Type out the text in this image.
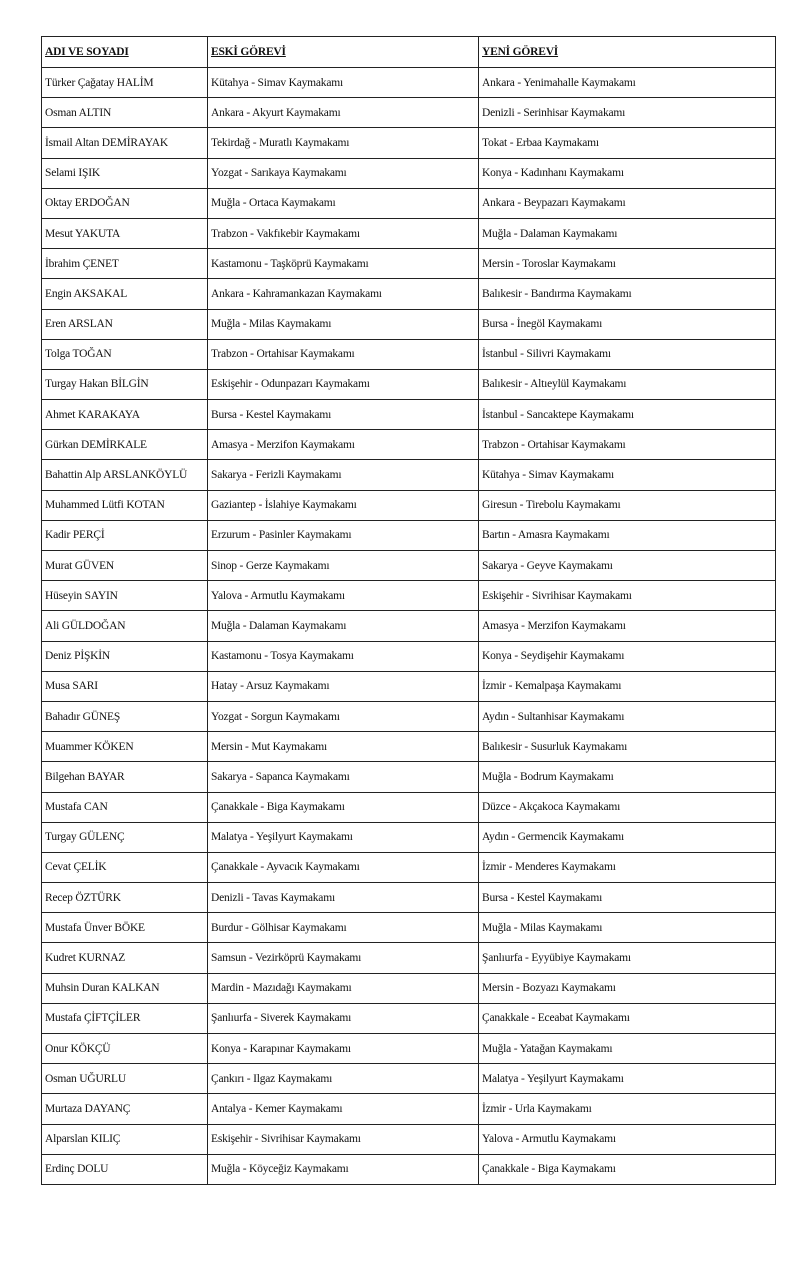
ADI VE SOYADI	ESKİ GÖREVİ	YENİ GÖREVİ
Türker Çağatay HALİM	Kütahya - Simav Kaymakamı	Ankara - Yenimahalle Kaymakamı
Osman ALTIN	Ankara - Akyurt Kaymakamı	Denizli - Serinhisar Kaymakamı
İsmail Altan DEMİRAYAK	Tekirdağ - Muratlı Kaymakamı	Tokat - Erbaa Kaymakamı
Selami IŞIK	Yozgat - Sarıkaya Kaymakamı	Konya - Kadınhanı Kaymakamı
Oktay ERDOĞAN	Muğla - Ortaca Kaymakamı	Ankara - Beypazarı Kaymakamı
Mesut YAKUTA	Trabzon - Vakfıkebir Kaymakamı	Muğla - Dalaman Kaymakamı
İbrahim ÇENET	Kastamonu - Taşköprü Kaymakamı	Mersin - Toroslar Kaymakamı
Engin AKSAKAL	Ankara - Kahramankazan Kaymakamı	Balıkesir - Bandırma Kaymakamı
Eren ARSLAN	Muğla - Milas Kaymakamı	Bursa - İnegöl Kaymakamı
Tolga TOĞAN	Trabzon - Ortahisar Kaymakamı	İstanbul - Silivri Kaymakamı
Turgay Hakan BİLGİN	Eskişehir - Odunpazarı Kaymakamı	Balıkesir - Altıeylül Kaymakamı
Ahmet KARAKAYA	Bursa - Kestel Kaymakamı	İstanbul - Sancaktepe Kaymakamı
Gürkan DEMİRKALE	Amasya - Merzifon Kaymakamı	Trabzon - Ortahisar Kaymakamı
Bahattin Alp ARSLANKÖYLÜ	Sakarya - Ferizli Kaymakamı	Kütahya - Simav Kaymakamı
Muhammed Lütfi KOTAN	Gaziantep - İslahiye Kaymakamı	Giresun - Tirebolu Kaymakamı
Kadir PERÇİ	Erzurum - Pasinler Kaymakamı	Bartın - Amasra Kaymakamı
Murat GÜVEN	Sinop - Gerze Kaymakamı	Sakarya - Geyve Kaymakamı
Hüseyin SAYIN	Yalova - Armutlu Kaymakamı	Eskişehir - Sivrihisar Kaymakamı
Ali GÜLDOĞAN	Muğla - Dalaman Kaymakamı	Amasya - Merzifon Kaymakamı
Deniz PİŞKİN	Kastamonu - Tosya Kaymakamı	Konya - Seydişehir Kaymakamı
Musa SARI	Hatay - Arsuz Kaymakamı	İzmir - Kemalpaşa Kaymakamı
Bahadır GÜNEŞ	Yozgat - Sorgun Kaymakamı	Aydın - Sultanhisar Kaymakamı
Muammer KÖKEN	Mersin - Mut Kaymakamı	Balıkesir - Susurluk Kaymakamı
Bilgehan BAYAR	Sakarya - Sapanca Kaymakamı	Muğla - Bodrum Kaymakamı
Mustafa CAN	Çanakkale - Biga Kaymakamı	Düzce - Akçakoca Kaymakamı
Turgay GÜLENÇ	Malatya - Yeşilyurt Kaymakamı	Aydın - Germencik Kaymakamı
Cevat ÇELİK	Çanakkale - Ayvacık Kaymakamı	İzmir - Menderes Kaymakamı
Recep ÖZTÜRK	Denizli - Tavas Kaymakamı	Bursa - Kestel Kaymakamı
Mustafa Ünver BÖKE	Burdur - Gölhisar Kaymakamı	Muğla - Milas Kaymakamı
Kudret KURNAZ	Samsun - Vezirköprü Kaymakamı	Şanlıurfa - Eyyübiye Kaymakamı
Muhsin Duran KALKAN	Mardin - Mazıdağı Kaymakamı	Mersin - Bozyazı Kaymakamı
Mustafa ÇİFTÇİLER	Şanlıurfa - Siverek Kaymakamı	Çanakkale - Eceabat Kaymakamı
Onur KÖKÇÜ	Konya - Karapınar Kaymakamı	Muğla - Yatağan Kaymakamı
Osman UĞURLU	Çankırı - Ilgaz Kaymakamı	Malatya - Yeşilyurt Kaymakamı
Murtaza DAYANÇ	Antalya - Kemer Kaymakamı	İzmir - Urla Kaymakamı
Alparslan KILIÇ	Eskişehir - Sivrihisar Kaymakamı	Yalova - Armutlu Kaymakamı
Erdinç DOLU	Muğla - Köyceğiz Kaymakamı	Çanakkale - Biga Kaymakamı
